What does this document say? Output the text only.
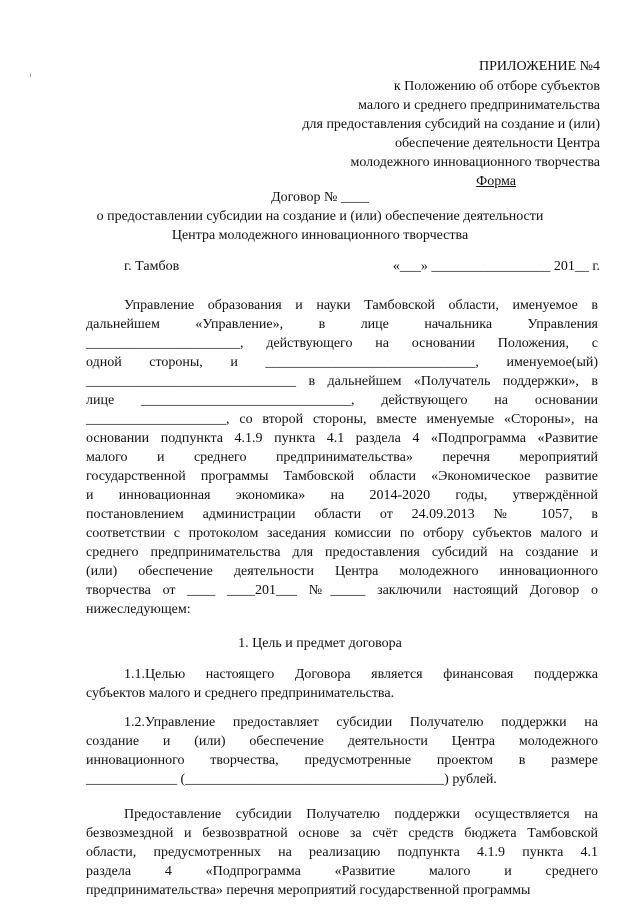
ПРИЛОЖЕНИЕ №4
к Положению об отборе субъектов
малого и среднего предпринимательства
для предоставления субсидий на создание и (или)
обеспечение деятельности Центра
молодежного инновационного творчества
Форма
Договор № ____
о предоставлении субсидии на создание и (или) обеспечение деятельности
Центра молодежного инновационного творчества
г. Тамбов	«___» _________________ 201__ г.
Управление образования и науки Тамбовской области, именуемое в
дальнейшем «Управление», в лице начальника Управления
______________________, действующего на основании Положения, с
одной стороны, и ______________________________, именуемое(ый)
______________________________ в дальнейшем «Получатель поддержки», в
лице ______________________________, действующего на основании
____________________, со второй стороны, вместе именуемые «Стороны», на
основании подпункта 4.1.9 пункта 4.1 раздела 4 «Подпрограмма «Развитие
малого и среднего предпринимательства» перечня мероприятий
государственной программы Тамбовской области «Экономическое развитие
и инновационная экономика» на 2014-2020 годы, утверждённой
постановлением администрации области от 24.09.2013 № 1057, в
соответствии с протоколом заседания комиссии по отбору субъектов малого и
среднего предпринимательства для предоставления субсидий на создание и
(или) обеспечение деятельности Центра молодежного инновационного
творчества от ____ ____201___ №_____ заключили настоящий Договор о
нижеследующем:
1. Цель и предмет договора
1.1.Целью настоящего Договора является финансовая поддержка
субъектов малого и среднего предпринимательства.
1.2.Управление предоставляет субсидии Получателю поддержки на
создание и (или) обеспечение деятельности Центра молодежного
инновационного творчества, предусмотренные проектом в размере
_____________ (_____________________________________) рублей.
Предоставление субсидии Получателю поддержки осуществляется на
безвозмездной и безвозвратной основе за счёт средств бюджета Тамбовской
области, предусмотренных на реализацию подпункта 4.1.9 пункта 4.1
раздела 4 «Подпрограмма «Развитие малого и среднего
предпринимательства» перечня мероприятий государственной программы
